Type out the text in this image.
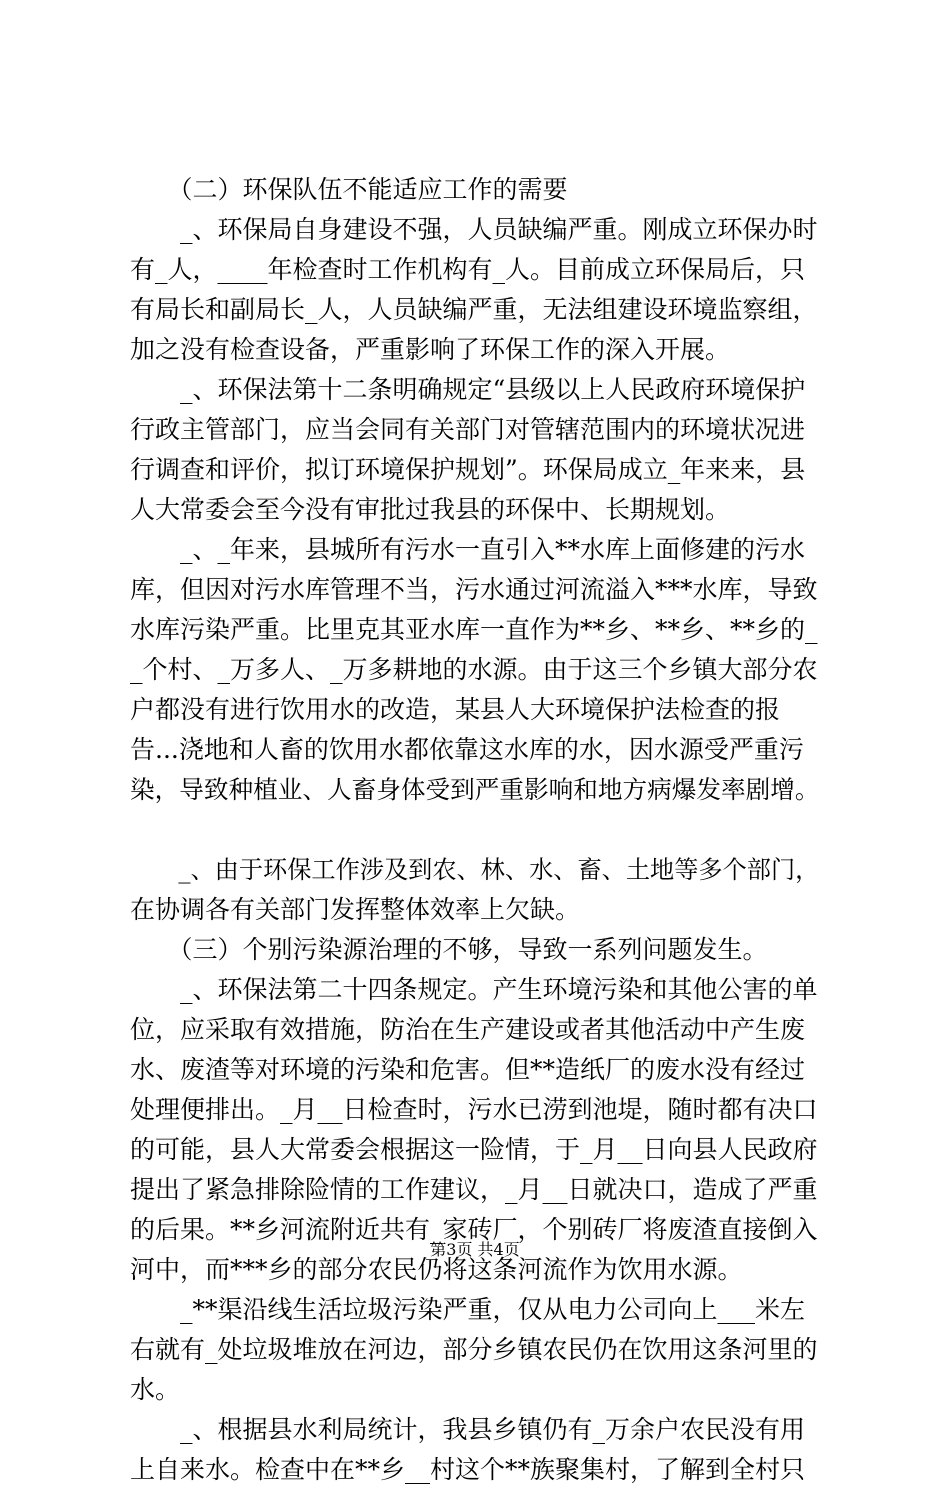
　　（二）环保队伍不能适应工作的需要
　　_、环保局自身建设不强，人员缺编严重。刚成立环保办时
有_人，____年检查时工作机构有_人。目前成立环保局后，只
有局长和副局长_人，人员缺编严重，无法组建设环境监察组，
加之没有检查设备，严重影响了环保工作的深入开展。
　　_、环保法第十二条明确规定“县级以上人民政府环境保护
行政主管部门，应当会同有关部门对管辖范围内的环境状况进
行调查和评价，拟订环境保护规划”。环保局成立_年来来，县
人大常委会至今没有审批过我县的环保中、长期规划。
　　_、_年来，县城所有污水一直引入**水库上面修建的污水
库，但因对污水库管理不当，污水通过河流溢入***水库，导致
水库污染严重。比里克其亚水库一直作为**乡、**乡、**乡的_
_个村、_万多人、_万多耕地的水源。由于这三个乡镇大部分农
户都没有进行饮用水的改造，某县人大环境保护法检查的报
告...浇地和人畜的饮用水都依靠这水库的水，因水源受严重污
染，导致种植业、人畜身体受到严重影响和地方病爆发率剧增。
　　_、由于环保工作涉及到农、林、水、畜、土地等多个部门，
在协调各有关部门发挥整体效率上欠缺。
　　（三）个别污染源治理的不够，导致一系列问题发生。
　　_、环保法第二十四条规定。产生环境污染和其他公害的单
位，应采取有效措施，防治在生产建设或者其他活动中产生废
水、废渣等对环境的污染和危害。但**造纸厂的废水没有经过
处理便排出。_月__日检查时，污水已涝到池堤，随时都有决口
的可能，县人大常委会根据这一险情，于_月__日向县人民政府
提出了紧急排除险情的工作建议，_月__日就决口，造成了严重
的后果。**乡河流附近共有_家砖厂，个别砖厂将废渣直接倒入
河中，而***乡的部分农民仍将这条河流作为饮用水源。
　　_**渠沿线生活垃圾污染严重，仅从电力公司向上___米左
右就有_处垃圾堆放在河边，部分乡镇农民仍在饮用这条河里的
水。
　　_、根据县水利局统计，我县乡镇仍有_万余户农民没有用
上自来水。检查中在**乡__村这个**族聚集村，了解到全村只
第3页 共4页
